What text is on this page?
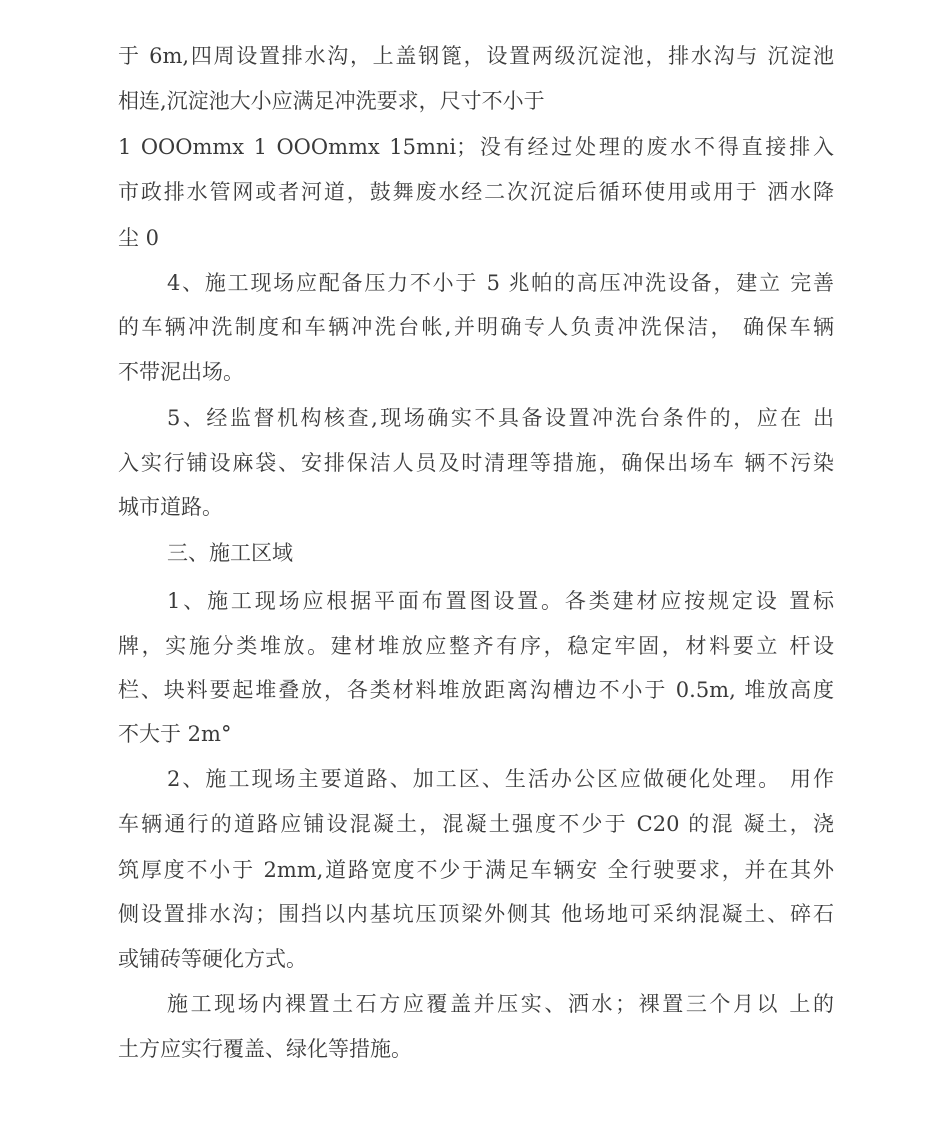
于 6m,四周设置排水沟，上盖钢篦，设置两级沉淀池，排水沟与 沉淀池
相连,沉淀池大小应满足冲洗要求，尺寸不小于
1 OOOmmx 1 OOOmmx 15mni；没有经过处理的废水不得直接排入
市政排水管网或者河道，鼓舞废水经二次沉淀后循环使用或用于 洒水降
尘 0
4、施工现场应配备压力不小于 5 兆帕的高压冲洗设备，建立 完善
的车辆冲洗制度和车辆冲洗台帐,并明确专人负责冲洗保洁， 确保车辆
不带泥出场。
5、经监督机构核查,现场确实不具备设置冲洗台条件的，应在 出
入实行铺设麻袋、安排保洁人员及时清理等措施，确保出场车 辆不污染
城市道路。
三、施工区域
1、施工现场应根据平面布置图设置。各类建材应按规定设 置标
牌，实施分类堆放。建材堆放应整齐有序，稳定牢固，材料要立 杆设
栏、块料要起堆叠放，各类材料堆放距离沟槽边不小于 0.5m, 堆放高度
不大于 2m°
2、施工现场主要道路、加工区、生活办公区应做硬化处理。 用作
车辆通行的道路应铺设混凝土，混凝土强度不少于 C20 的混 凝土，浇
筑厚度不小于 2mm,道路宽度不少于满足车辆安 全行驶要求，并在其外
侧设置排水沟；围挡以内基坑压顶梁外侧其 他场地可采纳混凝土、碎石
或铺砖等硬化方式。
施工现场内裸置土石方应覆盖并压实、洒水；裸置三个月以 上的
土方应实行覆盖、绿化等措施。
